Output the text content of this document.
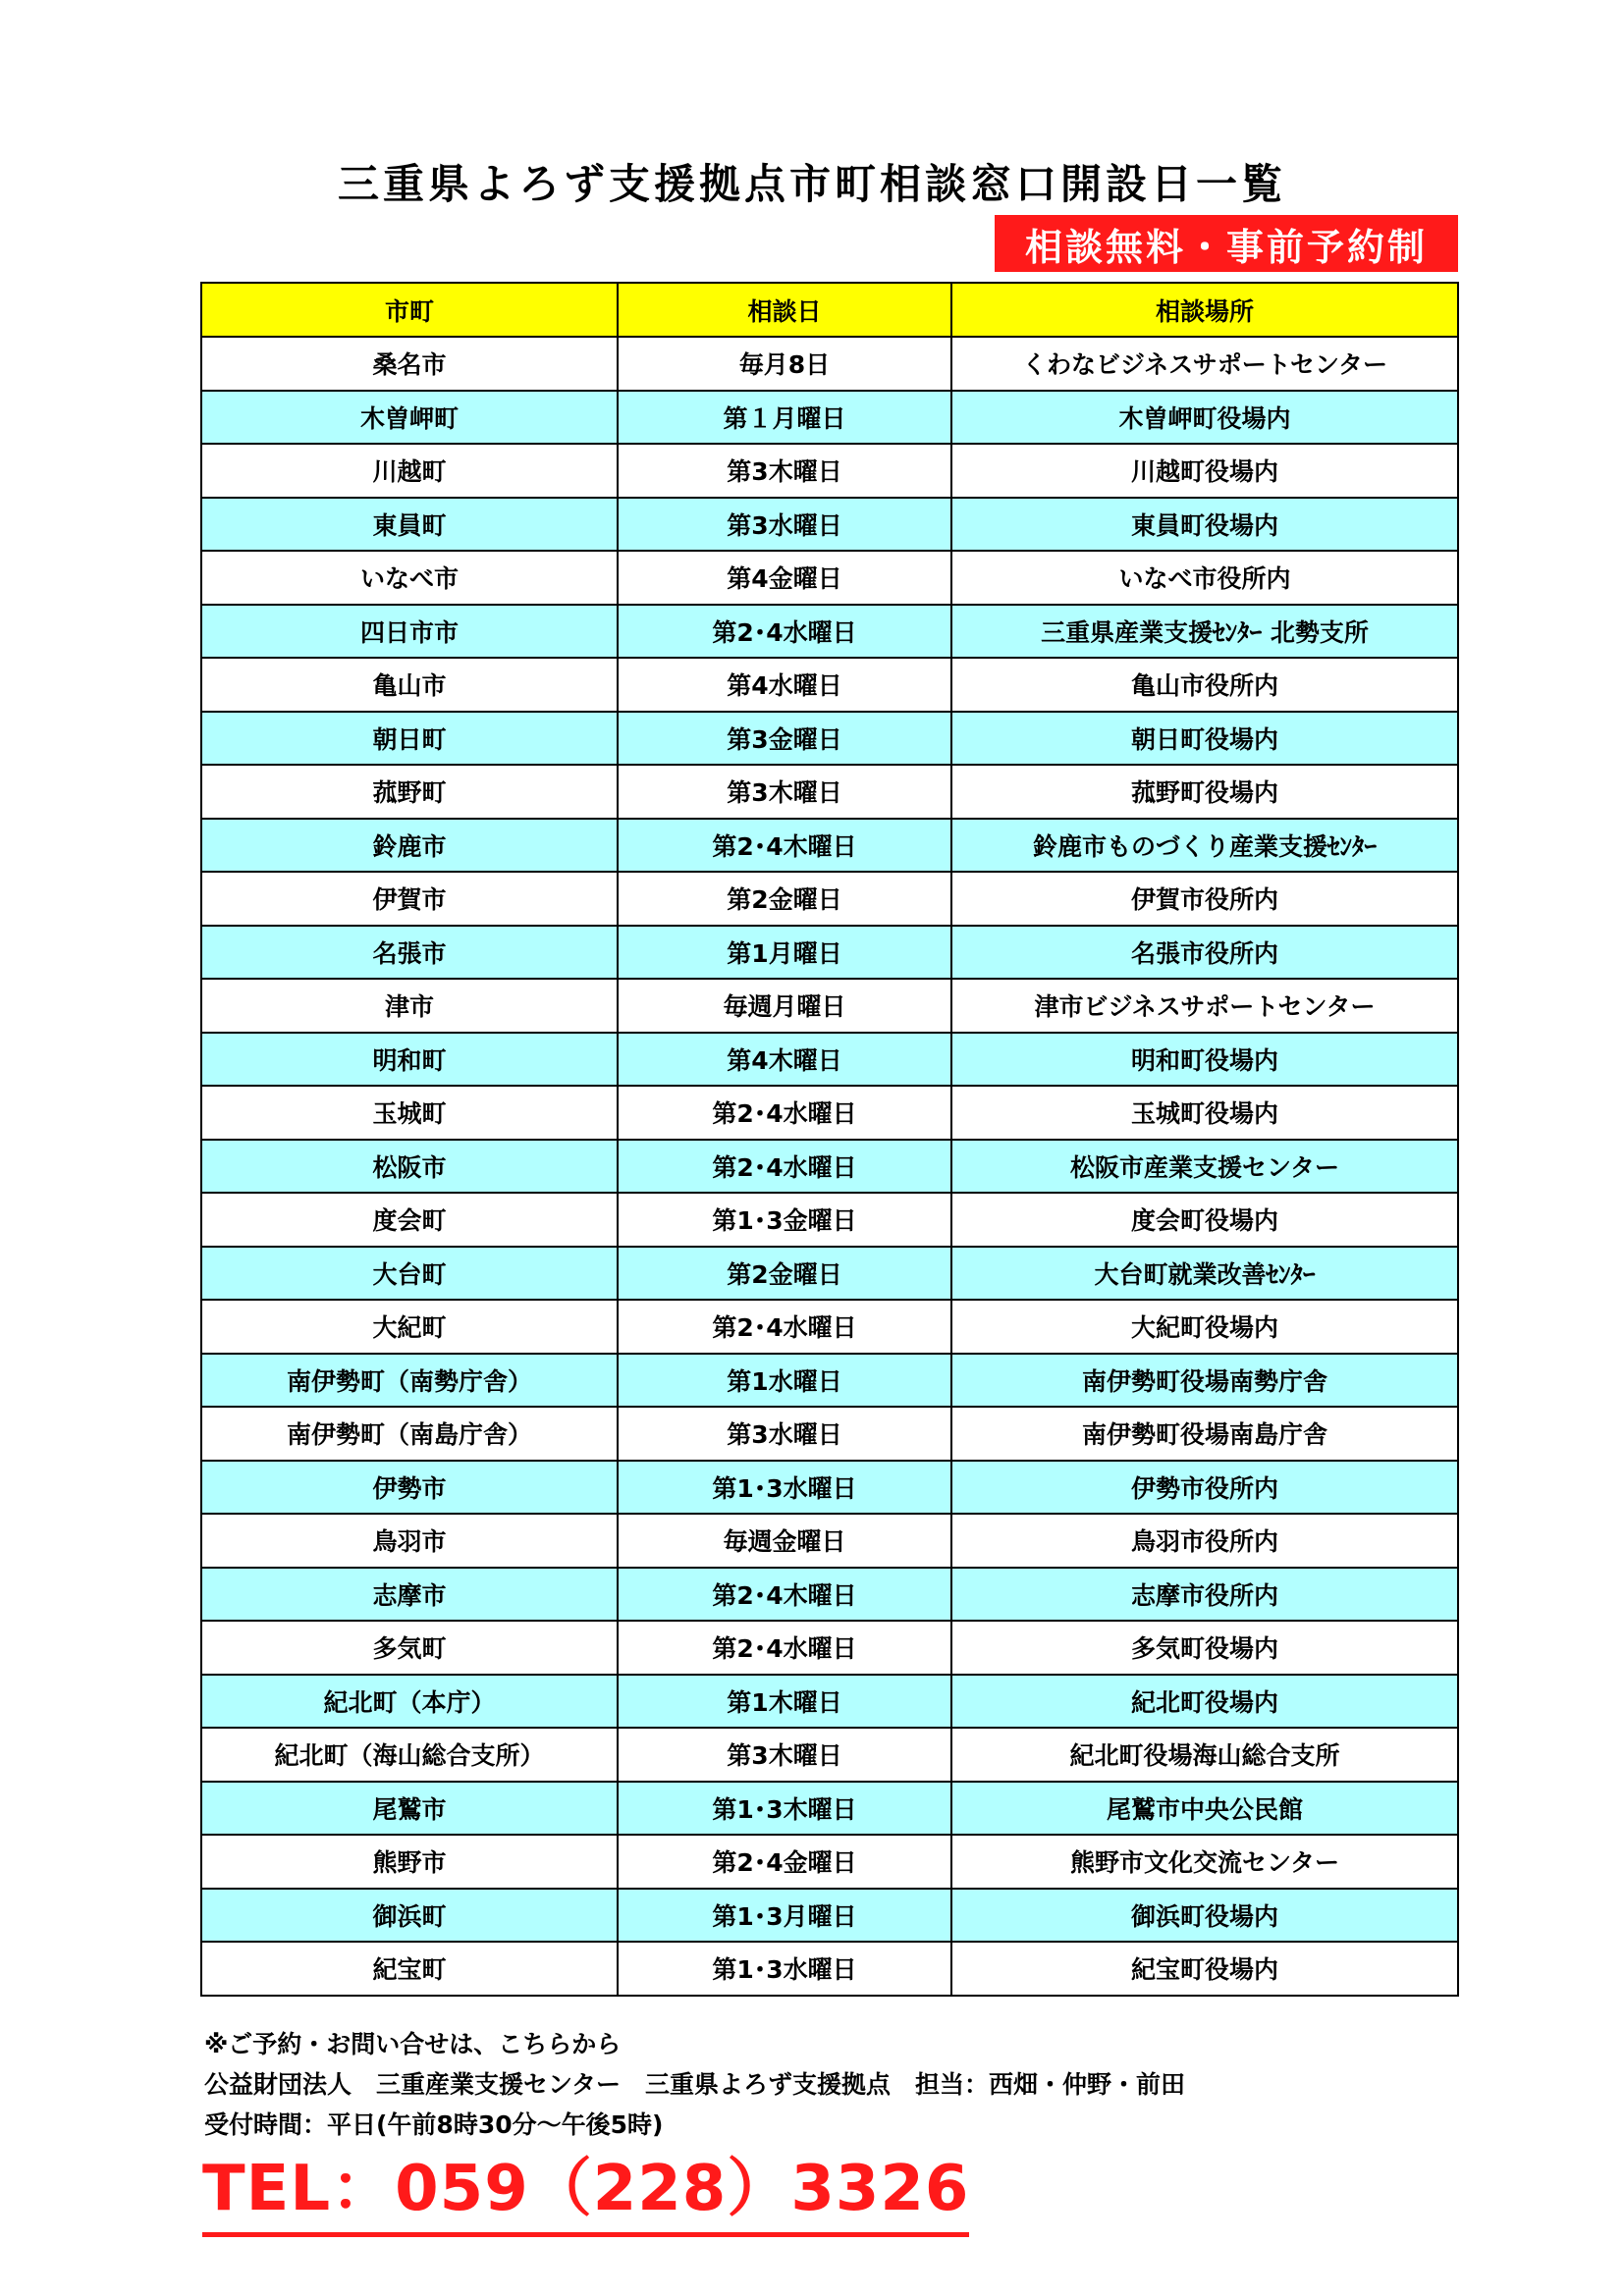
三重県よろず支援拠点市町相談窓口開設日一覧
相談無料・事前予約制
市町	相談日	相談場所
桑名市	毎月8日	くわなビジネスサポートセンター
木曽岬町	第１月曜日	木曽岬町役場内
川越町	第3木曜日	川越町役場内
東員町	第3水曜日	東員町役場内
いなべ市	第4金曜日	いなべ市役所内
四日市市	第2･4水曜日	三重県産業支援ｾﾝﾀｰ 北勢支所
亀山市	第4水曜日	亀山市役所内
朝日町	第3金曜日	朝日町役場内
菰野町	第3木曜日	菰野町役場内
鈴鹿市	第2･4木曜日	鈴鹿市ものづくり産業支援ｾﾝﾀｰ
伊賀市	第2金曜日	伊賀市役所内
名張市	第1月曜日	名張市役所内
津市	毎週月曜日	津市ビジネスサポートセンター
明和町	第4木曜日	明和町役場内
玉城町	第2･4水曜日	玉城町役場内
松阪市	第2･4水曜日	松阪市産業支援センター
度会町	第1･3金曜日	度会町役場内
大台町	第2金曜日	大台町就業改善ｾﾝﾀｰ
大紀町	第2･4水曜日	大紀町役場内
南伊勢町（南勢庁舎）	第1水曜日	南伊勢町役場南勢庁舎
南伊勢町（南島庁舎）	第3水曜日	南伊勢町役場南島庁舎
伊勢市	第1･3水曜日	伊勢市役所内
鳥羽市	毎週金曜日	鳥羽市役所内
志摩市	第2･4木曜日	志摩市役所内
多気町	第2･4水曜日	多気町役場内
紀北町（本庁）	第1木曜日	紀北町役場内
紀北町（海山総合支所）	第3木曜日	紀北町役場海山総合支所
尾鷲市	第1･3木曜日	尾鷲市中央公民館
熊野市	第2･4金曜日	熊野市文化交流センター
御浜町	第1･3月曜日	御浜町役場内
紀宝町	第1･3水曜日	紀宝町役場内
※ご予約・お問い合せは、こちらから
公益財団法人　三重産業支援センター　三重県よろず支援拠点　担当：西畑・仲野・前田
受付時間：平日(午前8時30分～午後5時)
TEL：059（228）3326
